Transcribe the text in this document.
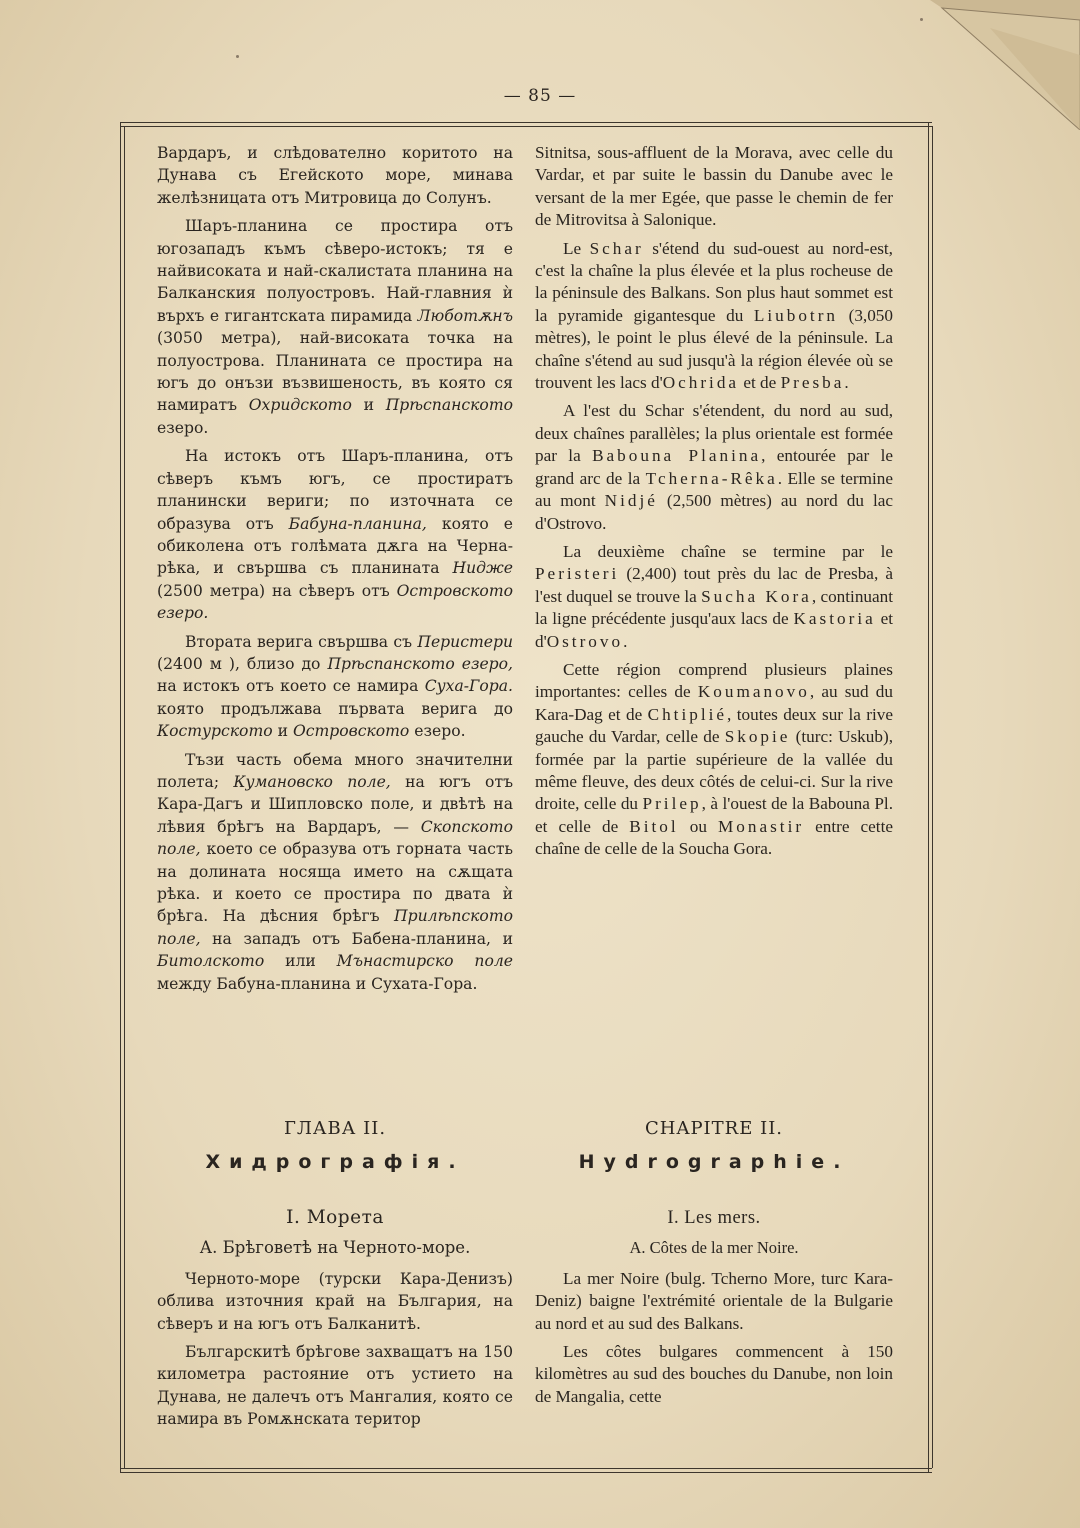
— 85 —

Вардаръ, и слѣдователно коритото на Дунава съ Егейското море, минава желѣзницата отъ Митровица до Солунъ.

Шаръ-планина се простира отъ югозападъ къмъ сѣверо-истокъ; тя е найвисоката и най-скалистата планина на Балканския полуостровъ. Най-главния ѝ върхъ е гигантската пирамида Люботѫнъ (3050 метра), най-високата точка на полуострова. Планината се простира на югъ до онъзи възвишеность, въ която ся намиратъ Охридското и Прѣспанското езеро.

На истокъ отъ Шаръ-планина, отъ сѣверъ къмъ югъ, се простиратъ планински вериги; по източната се образува отъ Бабуна-планина, която е обиколена отъ голѣмата дѫга на Черна-рѣка, и свършва съ планината Нидже (2500 метра) на сѣверъ отъ Островското езеро.

Втората верига свършва съ Перистери (2400 м ), близо до Прѣспанското езеро, на истокъ отъ което се намира Суха-Гора. която продължава първата верига до Костурското и Островското езеро.

Тъзи часть обема много значителни полета; Кумановско поле, на югъ отъ Кара-Дагъ и Шипловско поле, и двѣтѣ на лѣвия брѣгъ на Вардаръ, — Скопското поле, което се образува отъ горната часть на долината носяща името на сѫщата рѣка. и което се простира по двата ѝ брѣга. На дѣсния брѣгъ Прилѣпското поле, на западъ отъ Бабена-планина, и Битолското или Мънастирско поле между Бабуна-планина и Сухата-Гора.

Sitnitsa, sous-affluent de la Morava, avec celle du Vardar, et par suite le bassin du Danube avec le versant de la mer Egée, que passe le chemin de fer de Mitrovitsa à Salonique.

Le Schar s'étend du sud-ouest au nord-est, c'est la chaîne la plus élevée et la plus rocheuse de la péninsule des Balkans. Son plus haut sommet est la pyramide gigantesque du Liubotrn (3,050 mètres), le point le plus élevé de la péninsule. La chaîne s'étend au sud jusqu'à la région élevée où se trouvent les lacs d'Ochrida et de Presba.

A l'est du Schar s'étendent, du nord au sud, deux chaînes parallèles; la plus orientale est formée par la Babouna Planina, entourée par le grand arc de la Tcherna-Rêka. Elle se termine au mont Nidjé (2,500 mètres) au nord du lac d'Ostrovo.

La deuxième chaîne se termine par le Peristeri (2,400) tout près du lac de Presba, à l'est duquel se trouve la Sucha Kora, continuant la ligne précédente jusqu'aux lacs de Kastoria et d'Ostrovo.

Cette région comprend plusieurs plaines importantes: celles de Koumanovo, au sud du Kara-Dag et de Chtiplié, toutes deux sur la rive gauche du Vardar, celle de Skopie (turc: Uskub), formée par la partie supérieure de la vallée du même fleuve, des deux côtés de celui-ci. Sur la rive droite, celle du Prilep, à l'ouest de la Babouna Pl. et celle de Bitol ou Monastir entre cette chaîne de celle de la Soucha Gora.

ГЛАВА II.
Хидрографія.
CHAPITRE II.
Hydrographie.
I. Морета
А. Брѣговетѣ на Черното-море.

Черното-море (турски Кара-Денизъ) облива източния край на България, на сѣверъ и на югъ отъ Балканитѣ.

Българскитѣ брѣгове захващатъ на 150 километра растояние отъ устието на Дунава, не далечъ отъ Мангалия, която се намира въ Ромѫнската територ

I. Les mers.
A. Côtes de la mer Noire.

La mer Noire (bulg. Tcherno More, turc Kara-Deniz) baigne l'extrémité orientale de la Bulgarie au nord et au sud des Balkans.

Les côtes bulgares commencent à 150 kilomètres au sud des bouches du Danube, non loin de Mangalia, cette
